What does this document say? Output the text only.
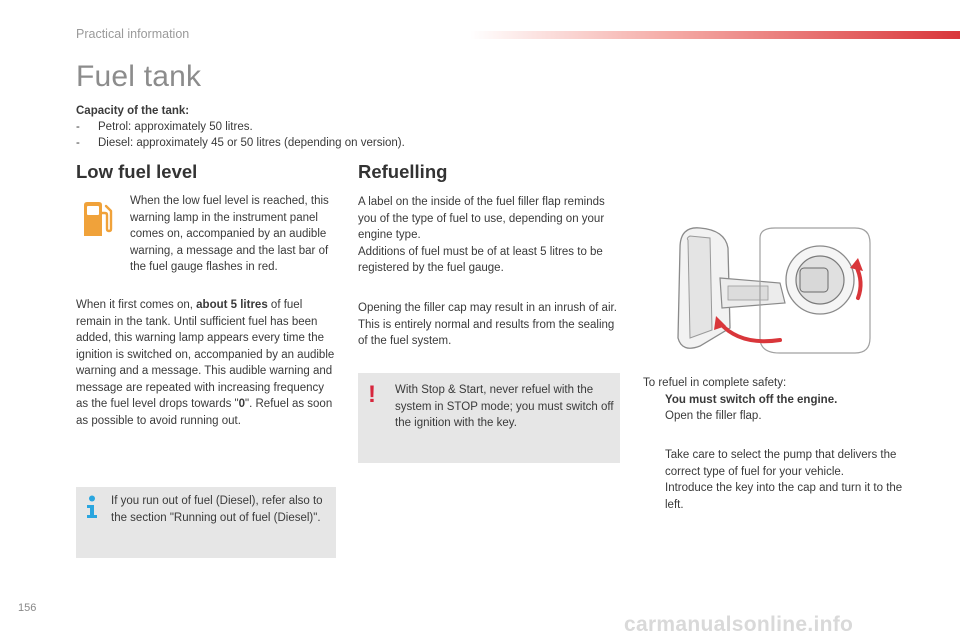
Practical information
Fuel tank
Capacity of the tank:
-	Petrol: approximately 50 litres.
-	Diesel: approximately 45 or 50 litres (depending on version).
Low fuel level
When the low fuel level is reached, this warning lamp in the instrument panel comes on, accompanied by an audible warning, a message and the last bar of the fuel gauge flashes in red.
When it first comes on, about 5 litres of fuel remain in the tank. Until sufficient fuel has been added, this warning lamp appears every time the ignition is switched on, accompanied by an audible warning and a message. This audible warning and message are repeated with increasing frequency as the fuel level drops towards "0". Refuel as soon as possible to avoid running out.
If you run out of fuel (Diesel), refer also to the section "Running out of fuel (Diesel)".
Refuelling
A label on the inside of the fuel filler flap reminds you of the type of fuel to use, depending on your engine type.
Additions of fuel must be of at least 5 litres to be registered by the fuel gauge.
Opening the filler cap may result in an inrush of air. This is entirely normal and results from the sealing of the fuel system.
! With Stop & Start, never refuel with the system in STOP mode; you must switch off the ignition with the key.
To refuel in complete safety:
You must switch off the engine.
Open the filler flap.
Take care to select the pump that delivers the correct type of fuel for your vehicle.
Introduce the key into the cap and turn it to the left.
156
carmanualsonline.info
